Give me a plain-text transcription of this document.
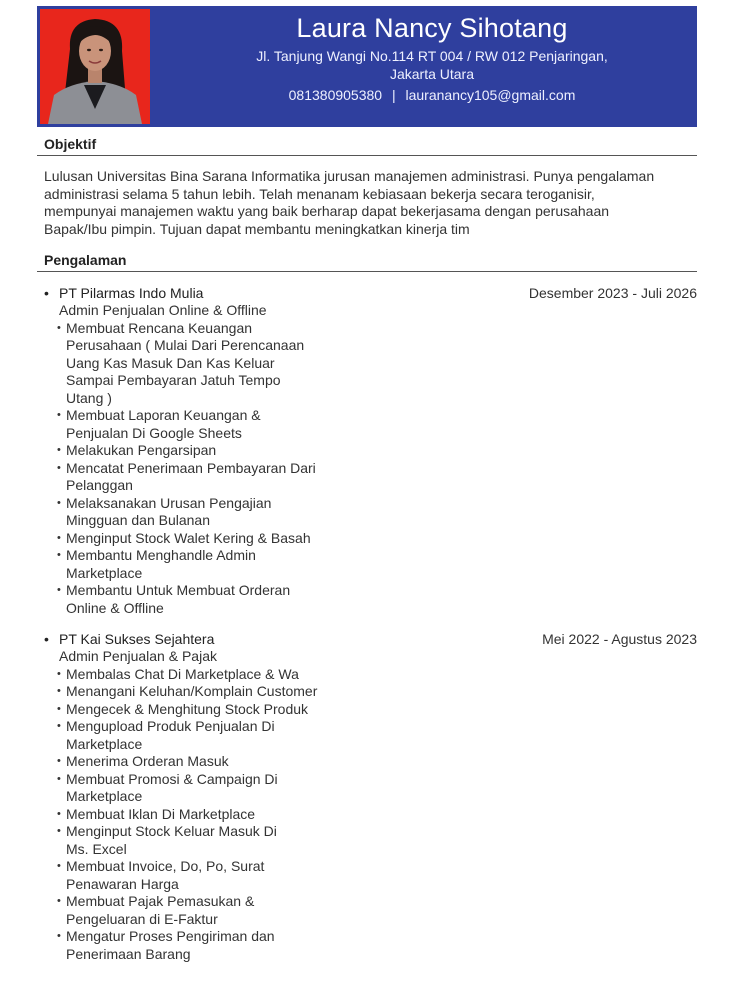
Laura Nancy Sihotang
Jl. Tanjung Wangi No.114 RT 004 / RW 012 Penjaringan,
Jakarta Utara
081380905380 | lauranancy105@gmail.com
Objektif
Lulusan Universitas Bina Sarana Informatika jurusan manajemen administrasi. Punya pengalaman
administrasi selama 5 tahun lebih. Telah menanam kebiasaan bekerja secara teroganisir,
mempunyai manajemen waktu yang baik berharap dapat bekerjasama dengan perusahaan
Bapak/Ibu pimpin. Tujuan dapat membantu meningkatkan kinerja tim
Pengalaman
• PT Pilarmas Indo Mulia	Desember 2023 - Juli 2026
Admin Penjualan Online & Offline
• Membuat Rencana Keuangan
Perusahaan ( Mulai Dari Perencanaan
Uang Kas Masuk Dan Kas Keluar
Sampai Pembayaran Jatuh Tempo
Utang )
• Membuat Laporan Keuangan &
Penjualan Di Google Sheets
• Melakukan Pengarsipan
• Mencatat Penerimaan Pembayaran Dari
Pelanggan
• Melaksanakan Urusan Pengajian
Mingguan dan Bulanan
• Menginput Stock Walet Kering & Basah
• Membantu Menghandle Admin
Marketplace
• Membantu Untuk Membuat Orderan
Online & Offline
• PT Kai Sukses Sejahtera	Mei 2022 - Agustus 2023
Admin Penjualan & Pajak
• Membalas Chat Di Marketplace & Wa
• Menangani Keluhan/Komplain Customer
• Mengecek & Menghitung Stock Produk
• Mengupload Produk Penjualan Di
Marketplace
• Menerima Orderan Masuk
• Membuat Promosi & Campaign Di
Marketplace
• Membuat Iklan Di Marketplace
• Menginput Stock Keluar Masuk Di
Ms. Excel
• Membuat Invoice, Do, Po, Surat
Penawaran Harga
• Membuat Pajak Pemasukan &
Pengeluaran di E-Faktur
• Mengatur Proses Pengiriman dan
Penerimaan Barang
